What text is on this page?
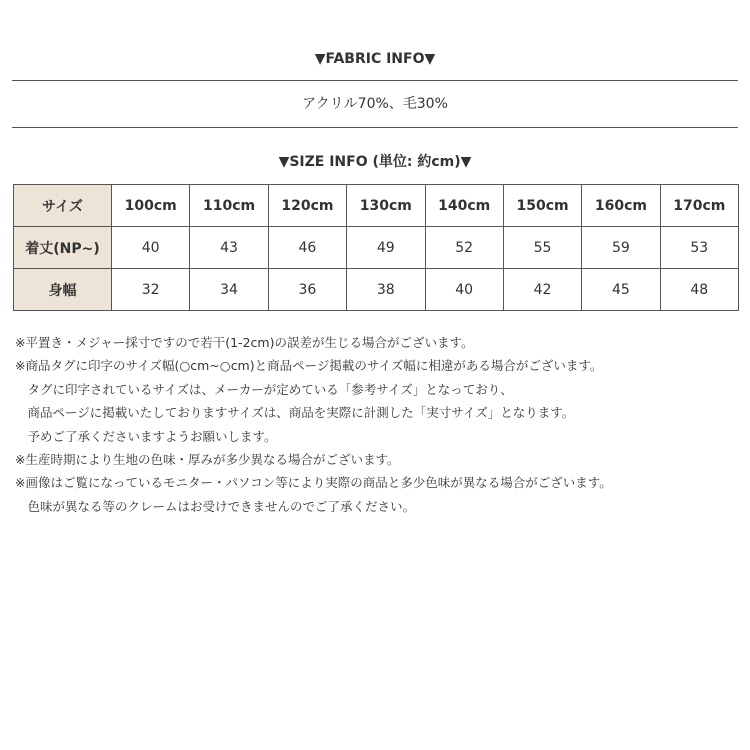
▼FABRIC INFO▼
アクリル70%、毛30%
▼SIZE INFO (単位: 約cm)▼
サイズ	100cm	110cm	120cm	130cm	140cm	150cm	160cm	170cm
着丈(NP~)	40	43	46	49	52	55	59	53
身幅	32	34	36	38	40	42	45	48
※平置き・メジャー採寸ですので若干(1-2cm)の誤差が生じる場合がございます。
※商品タグに印字のサイズ幅(○cm~○cm)と商品ページ掲載のサイズ幅に相違がある場合がございます。
　タグに印字されているサイズは、メーカーが定めている「参考サイズ」となっており、
　商品ページに掲載いたしておりますサイズは、商品を実際に計測した「実寸サイズ」となります。
　予めご了承くださいますようお願いします。
※生産時期により生地の色味・厚みが多少異なる場合がございます。
※画像はご覧になっているモニター・パソコン等により実際の商品と多少色味が異なる場合がございます。
　色味が異なる等のクレームはお受けできませんのでご了承ください。
